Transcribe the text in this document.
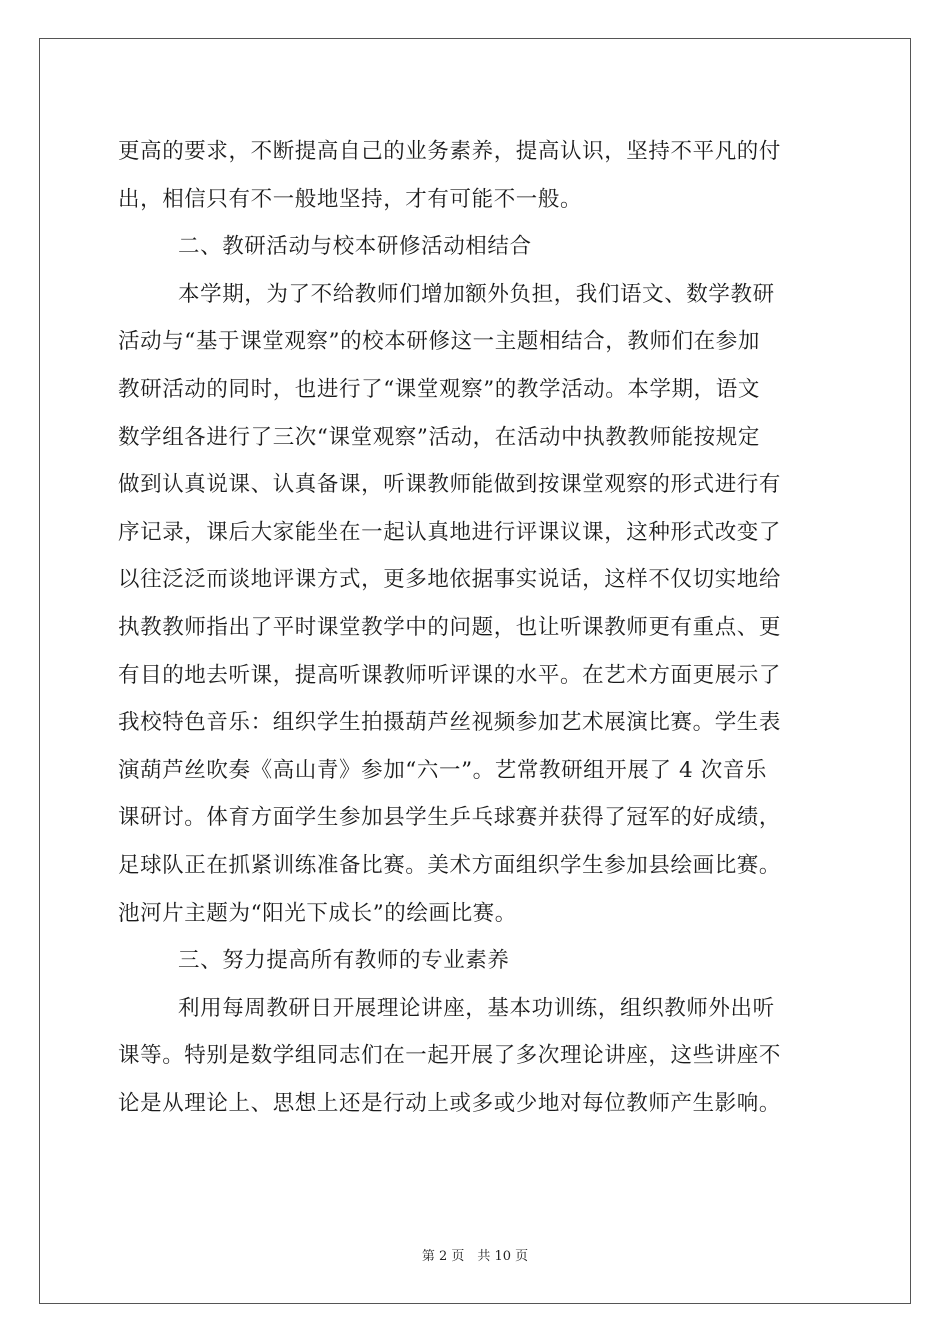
更高的要求，不断提高自己的业务素养，提高认识，坚持不平凡的付
出，相信只有不一般地坚持，才有可能不一般。
二、教研活动与校本研修活动相结合
本学期，为了不给教师们增加额外负担，我们语文、数学教研
活动与“基于课堂观察”的校本研修这一主题相结合，教师们在参加
教研活动的同时，也进行了“课堂观察”的教学活动。本学期，语文
数学组各进行了三次“课堂观察”活动，在活动中执教教师能按规定
做到认真说课、认真备课，听课教师能做到按课堂观察的形式进行有
序记录，课后大家能坐在一起认真地进行评课议课，这种形式改变了
以往泛泛而谈地评课方式，更多地依据事实说话，这样不仅切实地给
执教教师指出了平时课堂教学中的问题，也让听课教师更有重点、更
有目的地去听课，提高听课教师听评课的水平。在艺术方面更展示了
我校特色音乐：组织学生拍摄葫芦丝视频参加艺术展演比赛。学生表
演葫芦丝吹奏《高山青》参加“六一”。艺常教研组开展了 4 次音乐
课研讨。体育方面学生参加县学生乒乓球赛并获得了冠军的好成绩，
足球队正在抓紧训练准备比赛。美术方面组织学生参加县绘画比赛。
池河片主题为“阳光下成长”的绘画比赛。
三、努力提高所有教师的专业素养
利用每周教研日开展理论讲座，基本功训练，组织教师外出听
课等。特别是数学组同志们在一起开展了多次理论讲座，这些讲座不
论是从理论上、思想上还是行动上或多或少地对每位教师产生影响。
第 2 页　共 10 页
